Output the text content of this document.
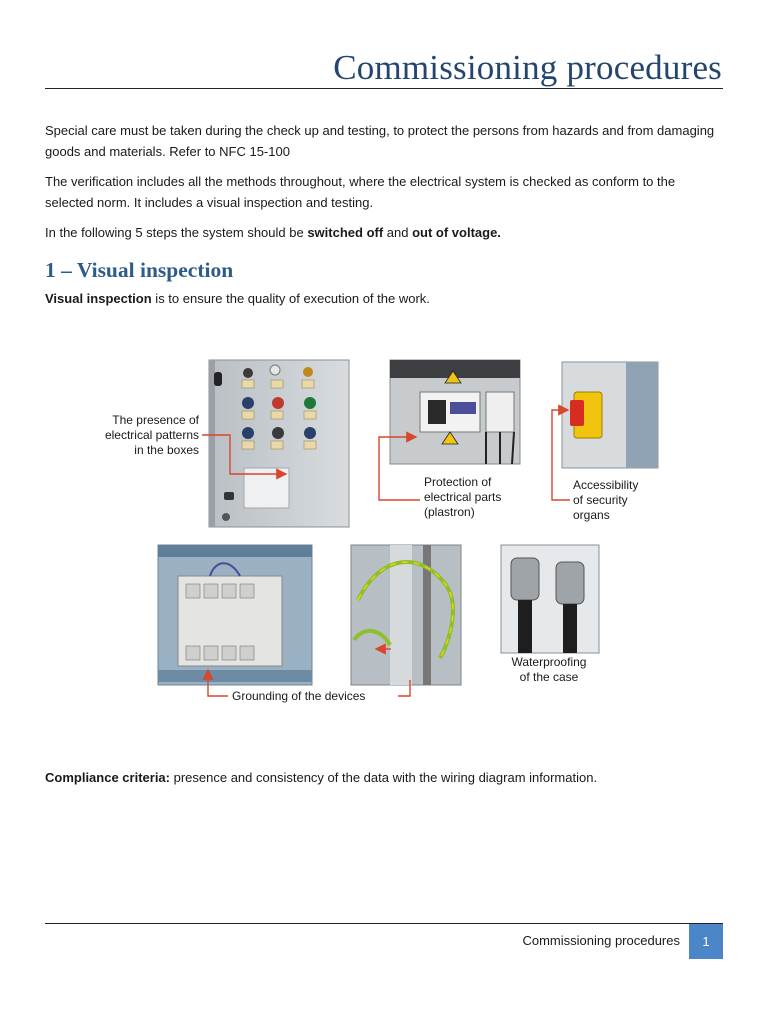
Commissioning procedures
Special care must be taken during the check up and testing, to protect the persons from hazards and from damaging goods and materials. Refer to NFC 15-100
The verification includes all the methods throughout, where the electrical system is checked as conform to the selected norm. It includes a visual inspection and testing.
In the following 5 steps the system should be switched off and out of voltage.
1 – Visual inspection
Visual inspection is to ensure the quality of execution of the work.
The presence of
electrical patterns
in the boxes
Protection of
electrical parts
(plastron)
Accessibility
of security
organs
Grounding of the devices
Waterproofing
of the case
Compliance criteria: presence and consistency of the data with the wiring diagram information.
Commissioning procedures	1
